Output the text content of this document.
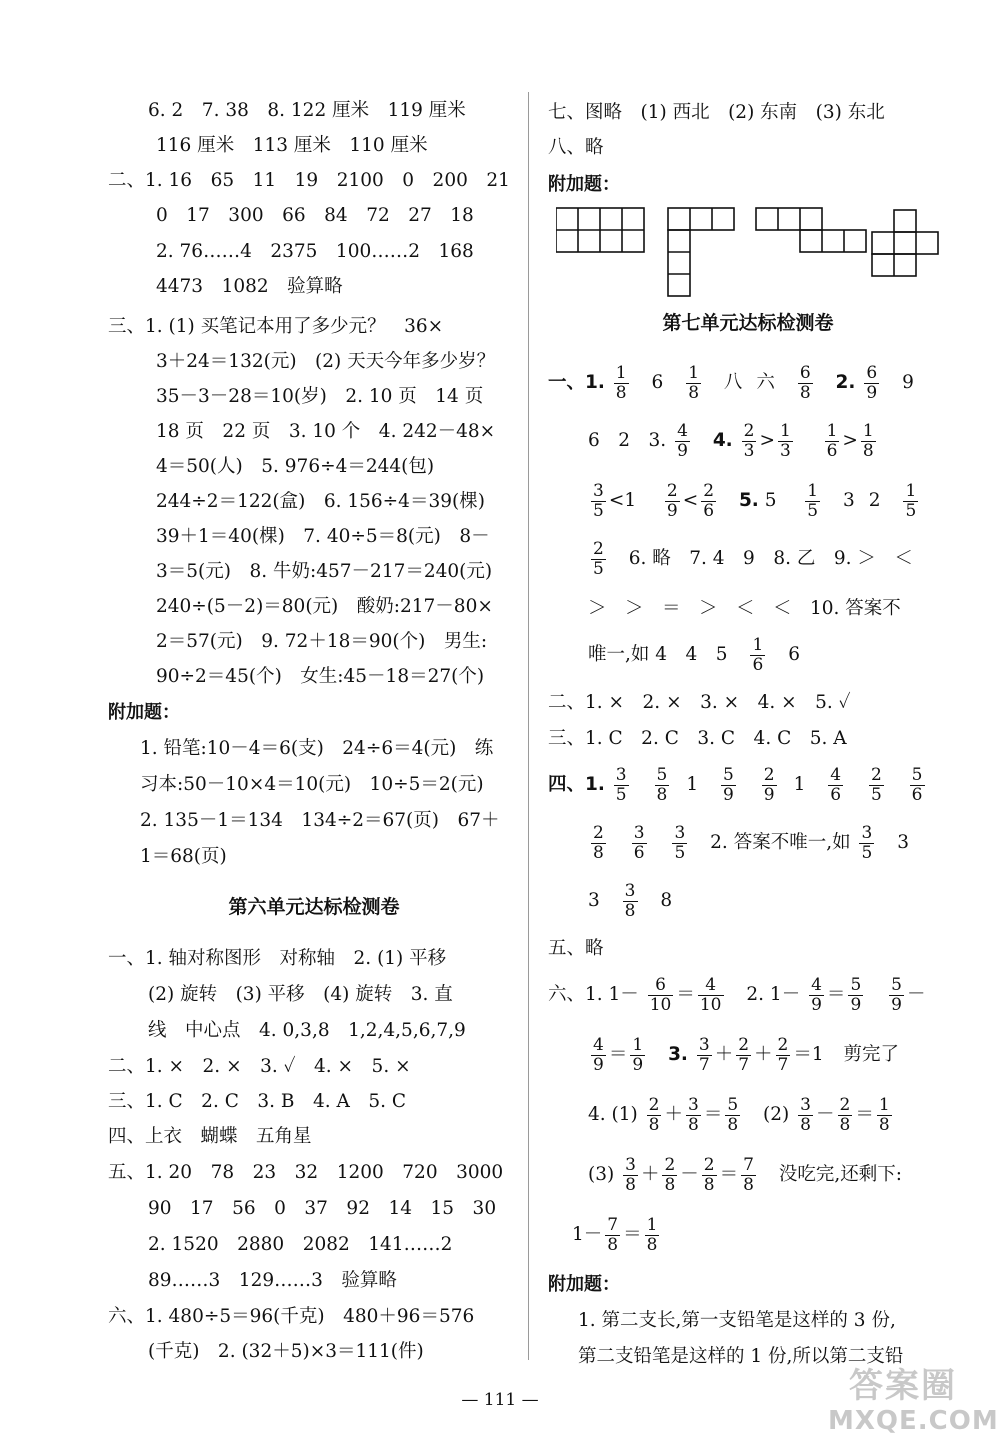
6. 2　7. 38　8. 122 厘米　119 厘米
116 厘米　113 厘米　110 厘米
二、1. 16　65　11　19　2100　0　200　21
0　17　300　66　84　72　27　18
2. 76……4　2375　100……2　168
4473　1082　验算略
三、1. (1) 买笔记本用了多少元？　36×
3＋24＝132(元)　(2) 天天今年多少岁？
35－3－28＝10(岁)　2. 10 页　14 页
18 页　22 页　3. 10 个　4. 242－48×
4＝50(人)　5. 976÷4＝244(包)
244÷2＝122(盒)　6. 156÷4＝39(棵)
39＋1＝40(棵)　7. 40÷5＝8(元)　8－
3＝5(元)　8. 牛奶:457－217＝240(元)
240÷(5－2)＝80(元)　酸奶:217－80×
2＝57(元)　9. 72＋18＝90(个)　男生:
90÷2＝45(个)　女生:45－18＝27(个)
附加题：
1. 铅笔:10－4＝6(支)　24÷6＝4(元)　练
习本:50－10×4＝10(元)　10÷5＝2(元)
2. 135－1＝134　134÷2＝67(页)　67＋
1＝68(页)
第六单元达标检测卷
一、1. 轴对称图形　对称轴　2. (1) 平移
(2) 旋转　(3) 平移　(4) 旋转　3. 直
线　中心点　4. 0,3,8　1,2,4,5,6,7,9
二、1. ×　2. ×　3. ✓　4. ×　5. ×
三、1. C　2. C　3. B　4. A　5. C
四、上衣　蝴蝶　五角星
五、1. 20　78　23　32　1200　720　3000
90　17　56　0　37　92　14　15　30
2. 1520　2880　2082　141……2
89……3　129……3　验算略
六、1. 480÷5＝96(千克)　480＋96＝576
(千克)　2. (32＋5)×3＝111(件)
七、图略　(1) 西北　(2) 东南　(3) 东北
八、略
附加题：
第七单元达标检测卷
一、1. $\frac{1}{8} 6 \frac{1}{8}$ 八 六 $\frac{6}{8} 2$. $\frac{6}{9} 9$
6　2　3. $\frac{4}{9} 4$. $\frac{2}{3} > \frac{1}{3}$
$\frac{1}{6} > \frac{1}{8}$
$\frac{3}{5} <1 \frac{2}{9} < \frac{2}{6} 5$. $5 \frac{1}{5} 3$ $2 \frac{1}{5}$
$\frac{2}{5} 6$. 略　7. 4　9　8. 乙　9. ＞　＜
＞　＞　＝　＞　＜　＜　10. 答案不
唯一,如 4　4　$5 \frac{1}{6} 6$
二、1. ×　2. ×　3. ×　4. ×　5. ✓
三、1. C　2. C　3. C　4. C　5. A
四、1. $\frac{3}{5}$
$\frac{5}{8} 1 \frac{5}{9}$
$\frac{2}{9} 1 \frac{4}{6}$
$\frac{2}{5}$
$\frac{5}{6}$
$\frac{2}{8}$
$\frac{3}{6}$
$\frac{3}{5} 2$. 答案不唯一,如 $\frac{3}{5} 3$
$3 \frac{3}{8} 8$
五、略
六、1. $1- \frac{6}{10} = \frac{4}{10} 2$. $1- \frac{4}{9} = \frac{5}{9}$
$\frac{5}{9}$ －
$\frac{4}{9} = \frac{1}{9} 3$. $\frac{3}{7} + \frac{2}{7} + \frac{2}{7} =1$ 剪完了
4. $(1) \frac{2}{8} + \frac{3}{8} = \frac{5}{8} (2) \frac{3}{8} - \frac{2}{8} = \frac{1}{8}$
$(3) \frac{3}{8} + \frac{2}{8} - \frac{2}{8} = \frac{7}{8}$ 没吃完,还剩下:
$1- \frac{7}{8} = \frac{1}{8}$
附加题：
1. 第二支长,第一支铅笔是这样的 3 份,
第二支铅笔是这样的 1 份,所以第二支铅
— 111 —	答案圈
MXQE.COM
